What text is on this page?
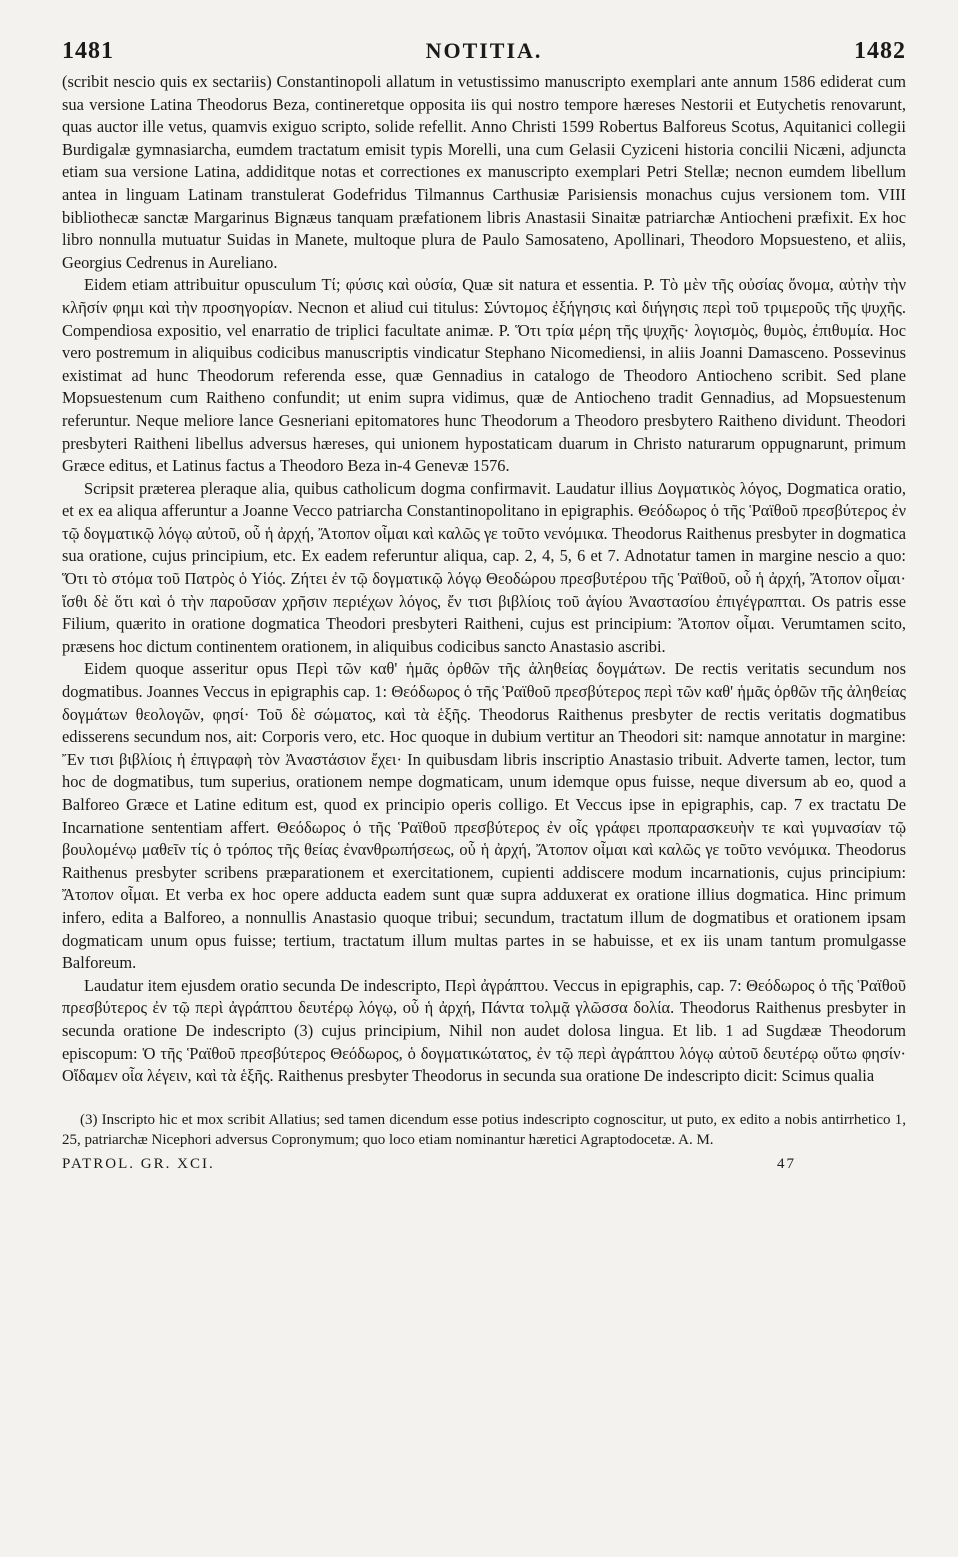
1481	NOTITIA.	1482

(scribit nescio quis ex sectariis) Constantinopoli allatum in vetustissimo manuscripto exemplari ante annum 1586 ediderat cum sua versione Latina Theodorus Beza, contineretque opposita iis qui nostro tempore hæreses Nestorii et Eutychetis renovarunt, quas auctor ille vetus, quamvis exiguo scripto, solide refellit. Anno Christi 1599 Robertus Balforeus Scotus, Aquitanici collegii Burdigalæ gymnasiarcha, eumdem tractatum emisit typis Morelli, una cum Gelasii Cyziceni historia concilii Nicæni, adjuncta etiam sua versione Latina, addiditque notas et correctiones ex manuscripto exemplari Petri Stellæ; necnon eumdem libellum antea in linguam Latinam transtulerat Godefridus Tilmannus Carthusiæ Parisiensis monachus cujus versionem tom. VIII bibliothecæ sanctæ Margarinus Bignæus tanquam præfationem libris Anastasii Sinaitæ patriarchæ Antiocheni præfixit. Ex hoc libro nonnulla mutuatur Suidas in Manete, multoque plura de Paulo Samosateno, Apollinari, Theodoro Mopsuesteno, et aliis, Georgius Cedrenus in Aureliano.

Eidem etiam attribuitur opusculum Τί; φύσις καὶ οὐσία, Quæ sit natura et essentia. P. Τὸ μὲν τῆς οὐσίας ὄνομα, αὐτὴν τὴν κλῆσίν φημι καὶ τὴν προσηγορίαν. Necnon et aliud cui titulus: Σύντομος ἐξήγησις καὶ διήγησις περὶ τοῦ τριμεροῦς τῆς ψυχῆς. Compendiosa expositio, vel enarratio de triplici facultate animæ. P. Ὅτι τρία μέρη τῆς ψυχῆς· λογισμὸς, θυμὸς, ἐπιθυμία. Hoc vero postremum in aliquibus codicibus manuscriptis vindicatur Stephano Nicomediensi, in aliis Joanni Damasceno. Possevinus existimat ad hunc Theodorum referenda esse, quæ Gennadius in catalogo de Theodoro Antiocheno scribit. Sed plane Mopsuestenum cum Raitheno confundit; ut enim supra vidimus, quæ de Antiocheno tradit Gennadius, ad Mopsuestenum referuntur. Neque meliore lance Gesneriani epitomatores hunc Theodorum a Theodoro presbytero Raitheno dividunt. Theodori presbyteri Raitheni libellus adversus hæreses, qui unionem hypostaticam duarum in Christo naturarum oppugnarunt, primum Græce editus, et Latinus factus a Theodoro Beza in-4 Genevæ 1576.

Scripsit præterea pleraque alia, quibus catholicum dogma confirmavit. Laudatur illius Δογματικὸς λόγος, Dogmatica oratio, et ex ea aliqua afferuntur a Joanne Vecco patriarcha Constantinopolitano in epigraphis. Θεόδωρος ὁ τῆς Ῥαϊθοῦ πρεσβύτερος ἐν τῷ δογματικῷ λόγῳ αὐτοῦ, οὗ ἡ ἀρχή, Ἄτοπον οἶμαι καὶ καλῶς γε τοῦτο νενόμικα. Theodorus Raithenus presbyter in dogmatica sua oratione, cujus principium, etc. Ex eadem referuntur aliqua, cap. 2, 4, 5, 6 et 7. Adnotatur tamen in margine nescio a quo: Ὅτι τὸ στόμα τοῦ Πατρὸς ὁ Υἱός. Ζήτει ἐν τῷ δογματικῷ λόγῳ Θεοδώρου πρεσβυτέρου τῆς Ῥαϊθοῦ, οὗ ἡ ἀρχή, Ἄτοπον οἶμαι· ἴσθι δὲ ὅτι καὶ ὁ τὴν παροῦσαν χρῆσιν περιέχων λόγος, ἔν τισι βιβλίοις τοῦ ἁγίου Ἀναστασίου ἐπιγέγραπται. Os patris esse Filium, quærito in oratione dogmatica Theodori presbyteri Raitheni, cujus est principium: Ἄτοπον οἶμαι. Verumtamen scito, præsens hoc dictum continentem orationem, in aliquibus codicibus sancto Anastasio ascribi.

Eidem quoque asseritur opus Περὶ τῶν καθ' ἡμᾶς ὀρθῶν τῆς ἀληθείας δογμάτων. De rectis veritatis secundum nos dogmatibus. Joannes Veccus in epigraphis cap. 1: Θεόδωρος ὁ τῆς Ῥαϊθοῦ πρεσβύτερος περὶ τῶν καθ' ἡμᾶς ὀρθῶν τῆς ἀληθείας δογμάτων θεολογῶν, φησί· Τοῦ δὲ σώματος, καὶ τὰ ἑξῆς. Theodorus Raithenus presbyter de rectis veritatis dogmatibus edisserens secundum nos, ait: Corporis vero, etc. Hoc quoque in dubium vertitur an Theodori sit: namque annotatur in margine: Ἔν τισι βιβλίοις ἡ ἐπιγραφὴ τὸν Ἀναστάσιον ἔχει· In quibusdam libris inscriptio Anastasio tribuit. Adverte tamen, lector, tum hoc de dogmatibus, tum superius, orationem nempe dogmaticam, unum idemque opus fuisse, neque diversum ab eo, quod a Balforeo Græce et Latine editum est, quod ex principio operis colligo. Et Veccus ipse in epigraphis, cap. 7 ex tractatu De Incarnatione sententiam affert. Θεόδωρος ὁ τῆς Ῥαϊθοῦ πρεσβύτερος ἐν οἷς γράφει προπαρασκευὴν τε καὶ γυμνασίαν τῷ βουλομένῳ μαθεῖν τίς ὁ τρόπος τῆς θείας ἐνανθρωπήσεως, οὗ ἡ ἀρχή, Ἄτοπον οἶμαι καὶ καλῶς γε τοῦτο νενόμικα. Theodorus Raithenus presbyter scribens præparationem et exercitationem, cupienti addiscere modum incarnationis, cujus principium: Ἄτοπον οἶμαι. Et verba ex hoc opere adducta eadem sunt quæ supra adduxerat ex oratione illius dogmatica. Hinc primum infero, edita a Balforeo, a nonnullis Anastasio quoque tribui; secundum, tractatum illum de dogmatibus et orationem ipsam dogmaticam unum opus fuisse; tertium, tractatum illum multas partes in se habuisse, et ex iis unam tantum promulgasse Balforeum.

Laudatur item ejusdem oratio secunda De indescripto, Περὶ ἀγράπτου. Veccus in epigraphis, cap. 7: Θεόδωρος ὁ τῆς Ῥαϊθοῦ πρεσβύτερος ἐν τῷ περὶ ἀγράπτου δευτέρῳ λόγῳ, οὗ ἡ ἀρχή, Πάντα τολμᾷ γλῶσσα δολία. Theodorus Raithenus presbyter in secunda oratione De indescripto (3) cujus principium, Nihil non audet dolosa lingua. Et lib. 1 ad Sugdææ Theodorum episcopum: Ὁ τῆς Ῥαϊθοῦ πρεσβύτερος Θεόδωρος, ὁ δογματικώτατος, ἐν τῷ περὶ ἀγράπτου λόγῳ αὐτοῦ δευτέρῳ οὕτω φησίν· Οἴδαμεν οἷα λέγειν, καὶ τὰ ἑξῆς. Raithenus presbyter Theodorus in secunda sua oratione De indescripto dicit: Scimus qualia

(3) Inscripto hic et mox scribit Allatius; sed tamen dicendum esse potius indescripto cognoscitur, ut puto, ex edito a nobis antirrhetico 1, 25, patriarchæ Nicephori adversus Copronymum; quo loco etiam nominantur hæretici Agraptodocetæ. A. M.

PATROL. GR. XCI.	47
